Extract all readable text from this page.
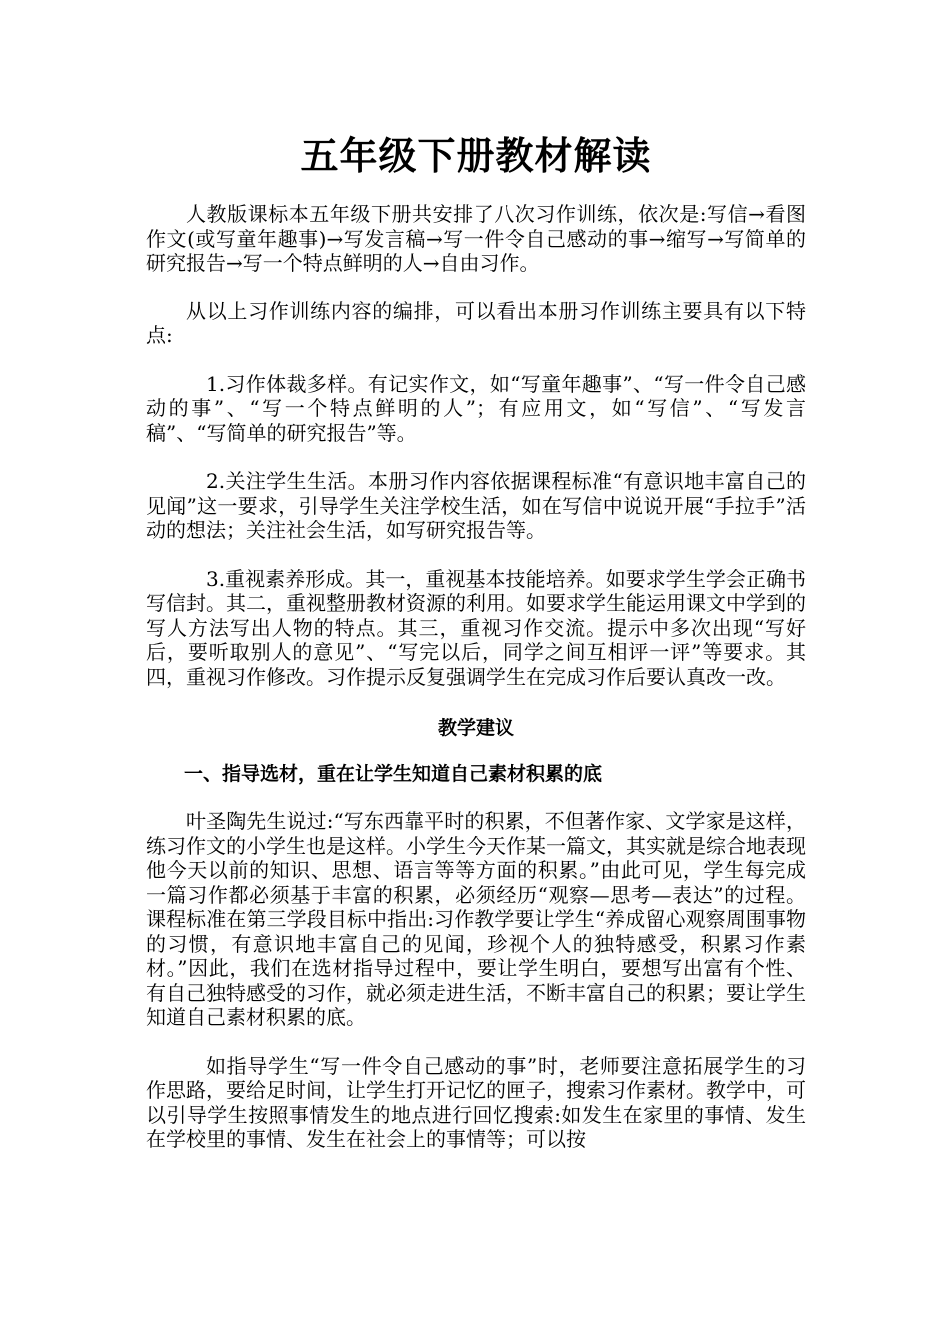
五年级下册教材解读

人教版课标本五年级下册共安排了八次习作训练，依次是:写信→看图作文(或写童年趣事)→写发言稿→写一件令自己感动的事→缩写→写简单的研究报告→写一个特点鲜明的人→自由习作。

从以上习作训练内容的编排，可以看出本册习作训练主要具有以下特点:

1.习作体裁多样。有记实作文，如“写童年趣事”、“写一件令自己感动的事”、“写一个特点鲜明的人”；有应用文，如“写信”、“写发言稿”、“写简单的研究报告”等。

2.关注学生生活。本册习作内容依据课程标准“有意识地丰富自己的见闻”这一要求，引导学生关注学校生活，如在写信中说说开展“手拉手”活动的想法；关注社会生活，如写研究报告等。

3.重视素养形成。其一，重视基本技能培养。如要求学生学会正确书写信封。其二，重视整册教材资源的利用。如要求学生能运用课文中学到的写人方法写出人物的特点。其三，重视习作交流。提示中多次出现“写好后，要听取别人的意见”、“写完以后，同学之间互相评一评”等要求。其四，重视习作修改。习作提示反复强调学生在完成习作后要认真改一改。

教学建议

一、指导选材，重在让学生知道自己素材积累的底

叶圣陶先生说过:“写东西靠平时的积累，不但著作家、文学家是这样，练习作文的小学生也是这样。小学生今天作某一篇文，其实就是综合地表现他今天以前的知识、思想、语言等等方面的积累。”由此可见，学生每完成一篇习作都必须基于丰富的积累，必须经历“观察—思考—表达”的过程。课程标准在第三学段目标中指出:习作教学要让学生“养成留心观察周围事物的习惯，有意识地丰富自己的见闻，珍视个人的独特感受，积累习作素材。”因此，我们在选材指导过程中，要让学生明白，要想写出富有个性、有自己独特感受的习作，就必须走进生活，不断丰富自己的积累；要让学生知道自己素材积累的底。

如指导学生“写一件令自己感动的事”时，老师要注意拓展学生的习作思路，要给足时间，让学生打开记忆的匣子，搜索习作素材。教学中，可以引导学生按照事情发生的地点进行回忆搜索:如发生在家里的事情、发生在学校里的事情、发生在社会上的事情等；可以按
